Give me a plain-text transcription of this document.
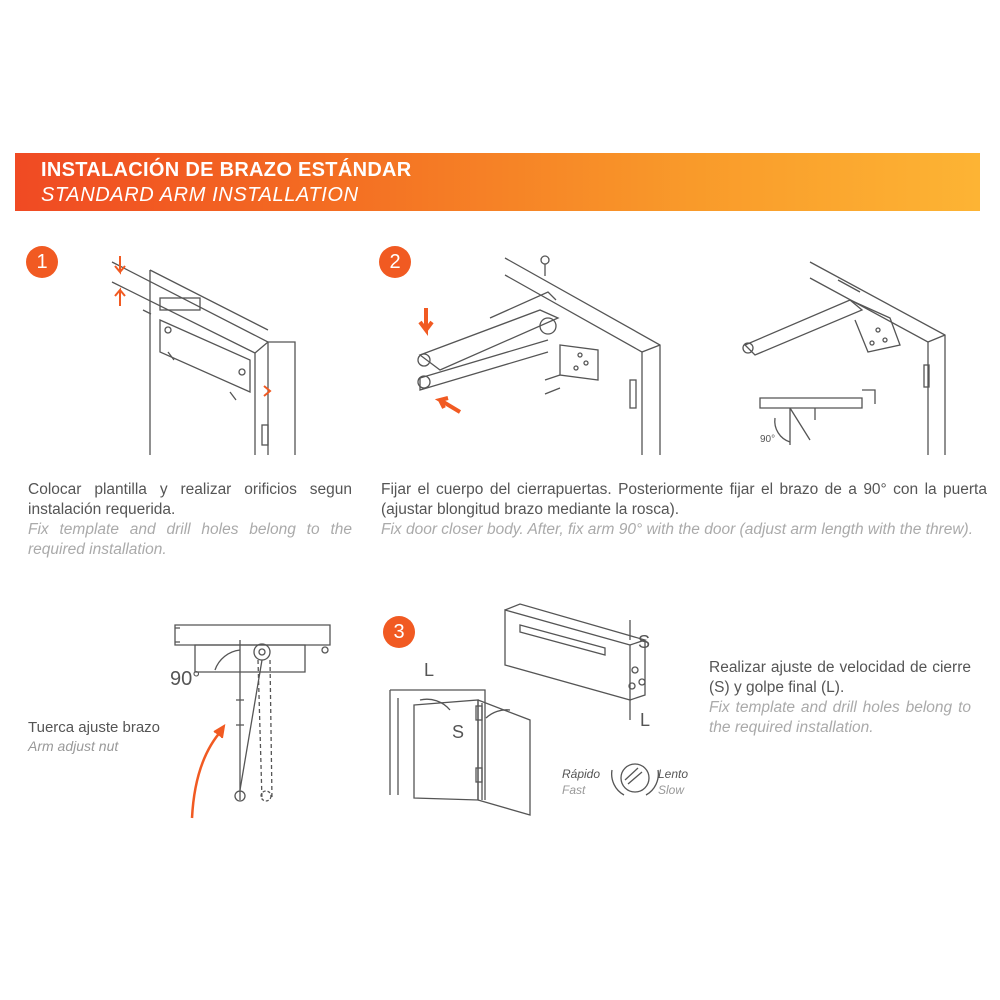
INSTALACIÓN DE BRAZO ESTÁNDAR
STANDARD ARM INSTALLATION
1	2
3
90°
Colocar plantilla y realizar orificios segun instalación requerida.
Fix template and drill holes belong to the required installation.
Fijar el cuerpo del cierrapuertas. Posteriormente fijar el brazo de a 90° con la puerta (ajustar blongitud brazo mediante la rosca).
Fix door closer body. After, fix arm 90° with the door (adjust arm length with the threw).
Realizar ajuste de velocidad de cierre (S) y golpe final (L).
Fix template and drill holes belong to the required installation.
Tuerca ajuste brazo
Arm adjust nut
90°	L
S
S
L
Rápido
Fast
Lento
Slow
